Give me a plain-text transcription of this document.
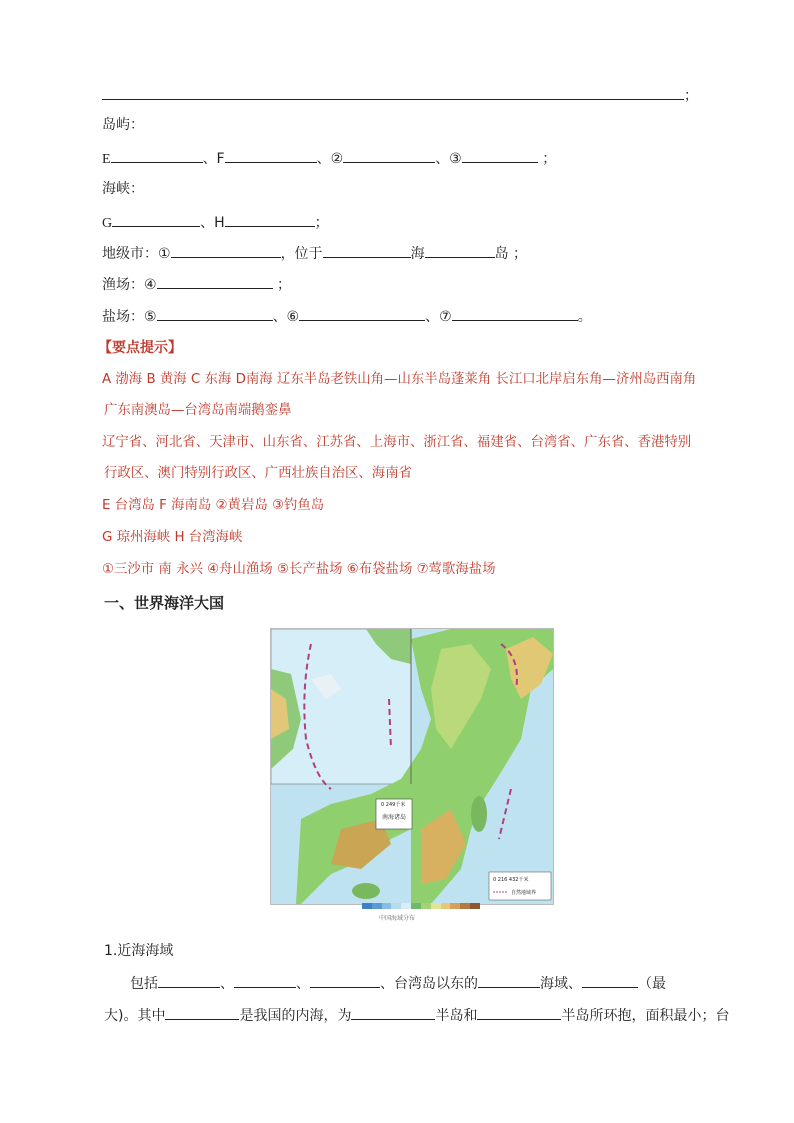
；
岛屿：
E	、F	、②	、③	；
海峡：
G	、H	；
地级市：①	，位于	海	岛 ；
渔场：④	；
盐场：⑤	、⑥	、⑦	。
【要点提示】
A 渤海 B 黄海 C 东海 D南海 辽东半岛老铁山角—山东半岛蓬莱角 长江口北岸启东角—济州岛西南角
广东南澳岛—台湾岛南端鹅銮鼻
辽宁省、河北省、天津市、山东省、江苏省、上海市、浙江省、福建省、台湾省、广东省、香港特别
行政区、澳门特别行政区、广西壮族自治区、海南省
E 台湾岛 F 海南岛 ②黄岩岛 ③钓鱼岛
G 琼州海峡 H 台湾海峡
①三沙市 南 永兴 ④舟山渔场 ⑤长产盐场 ⑥布袋盐场 ⑦莺歌海盐场
一、世界海洋大国
南海诸岛
0 249千米
0 216 432千米
自然地域界
中国海域分布
1.近海海域
包括	、	、	、台湾岛以东的	海域、	（最
大)。其中	是我国的内海，为	半岛和	半岛所环抱，面积最小；台
